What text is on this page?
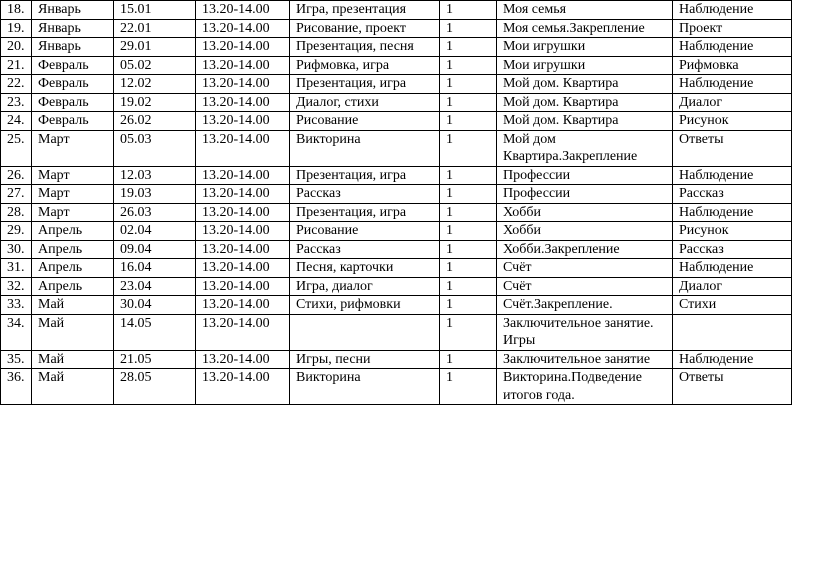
18.	Январь	15.01	13.20-14.00	Игра, презентация	1	Моя семья	Наблюдение
19.	Январь	22.01	13.20-14.00	Рисование, проект	1	Моя семья.Закрепление	Проект
20.	Январь	29.01	13.20-14.00	Презентация, песня	1	Мои игрушки	Наблюдение
21.	Февраль	05.02	13.20-14.00	Рифмовка, игра	1	Мои игрушки	Рифмовка
22.	Февраль	12.02	13.20-14.00	Презентация, игра	1	Мой дом. Квартира	Наблюдение
23.	Февраль	19.02	13.20-14.00	Диалог, стихи	1	Мой дом. Квартира	Диалог
24.	Февраль	26.02	13.20-14.00	Рисование	1	Мой дом. Квартира	Рисунок
25.	Март	05.03	13.20-14.00	Викторина	1	Мой дом Квартира.Закрепление	Ответы
26.	Март	12.03	13.20-14.00	Презентация, игра	1	Профессии	Наблюдение
27.	Март	19.03	13.20-14.00	Рассказ	1	Профессии	Рассказ
28.	Март	26.03	13.20-14.00	Презентация, игра	1	Хобби	Наблюдение
29.	Апрель	02.04	13.20-14.00	Рисование	1	Хобби	Рисунок
30.	Апрель	09.04	13.20-14.00	Рассказ	1	Хобби.Закрепление	Рассказ
31.	Апрель	16.04	13.20-14.00	Песня, карточки	1	Счёт	Наблюдение
32.	Апрель	23.04	13.20-14.00	Игра, диалог	1	Счёт	Диалог
33.	Май	30.04	13.20-14.00	Стихи, рифмовки	1	Счёт.Закрепление.	Стихи
34.	Май	14.05	13.20-14.00		1	Заключительное занятие. Игры	
35.	Май	21.05	13.20-14.00	Игры, песни	1	Заключительное занятие	Наблюдение
36.	Май	28.05	13.20-14.00	Викторина	1	Викторина.Подведение итогов года.	Ответы
